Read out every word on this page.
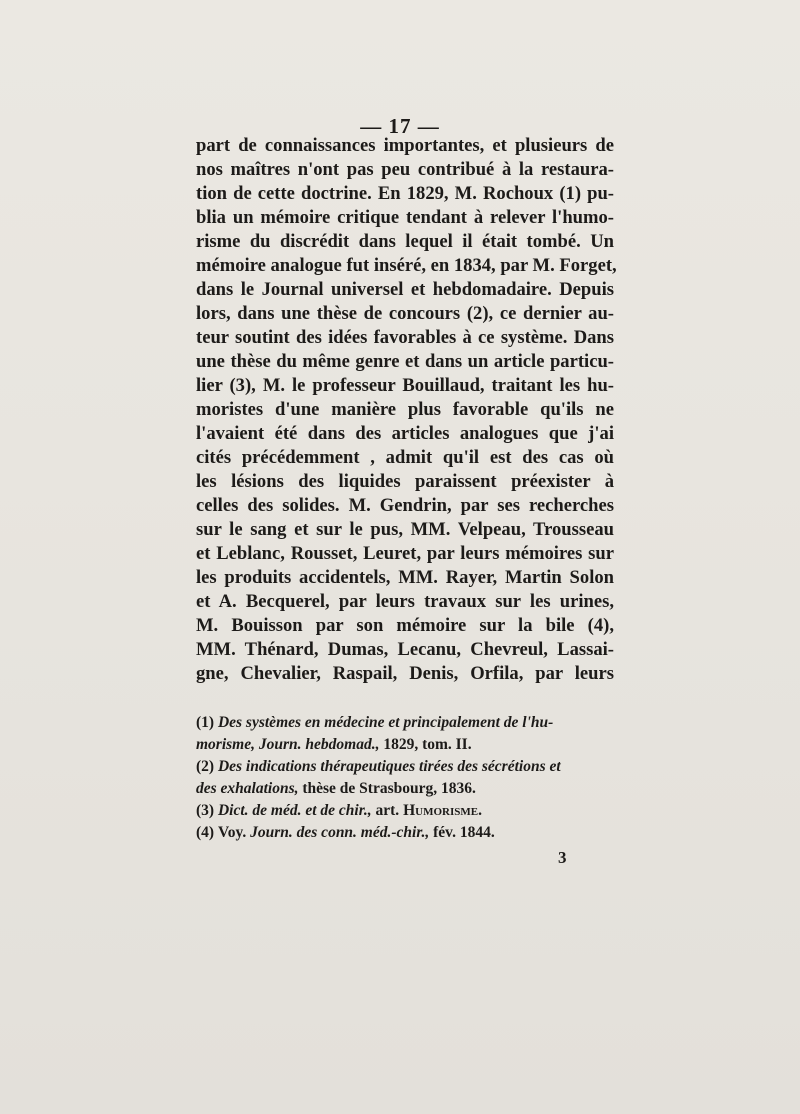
— 17 —
part de connaissances importantes, et plusieurs de
nos maîtres n'ont pas peu contribué à la restaura-
tion de cette doctrine. En 1829, M. Rochoux (1) pu-
blia un mémoire critique tendant à relever l'humo-
risme du discrédit dans lequel il était tombé. Un
mémoire analogue fut inséré, en 1834, par M. Forget,
dans le Journal universel et hebdomadaire. Depuis
lors, dans une thèse de concours (2), ce dernier au-
teur soutint des idées favorables à ce système. Dans
une thèse du même genre et dans un article particu-
lier (3), M. le professeur Bouillaud, traitant les hu-
moristes d'une manière plus favorable qu'ils ne
l'avaient été dans des articles analogues que j'ai
cités précédemment , admit qu'il est des cas où
les lésions des liquides paraissent préexister à
celles des solides. M. Gendrin, par ses recherches
sur le sang et sur le pus, MM. Velpeau, Trousseau
et Leblanc, Rousset, Leuret, par leurs mémoires sur
les produits accidentels, MM. Rayer, Martin Solon
et A. Becquerel, par leurs travaux sur les urines,
M. Bouisson par son mémoire sur la bile (4),
MM. Thénard, Dumas, Lecanu, Chevreul, Lassai-
gne, Chevalier, Raspail, Denis, Orfila, par leurs
(1) Des systèmes en médecine et principalement de l'hu-
morisme, Journ. hebdomad., 1829, tom. II.
(2) Des indications thérapeutiques tirées des sécrétions et
des exhalations, thèse de Strasbourg, 1836.
(3) Dict. de méd. et de chir., art. Humorisme.
(4) Voy. Journ. des conn. méd.-chir., fév. 1844.
3
